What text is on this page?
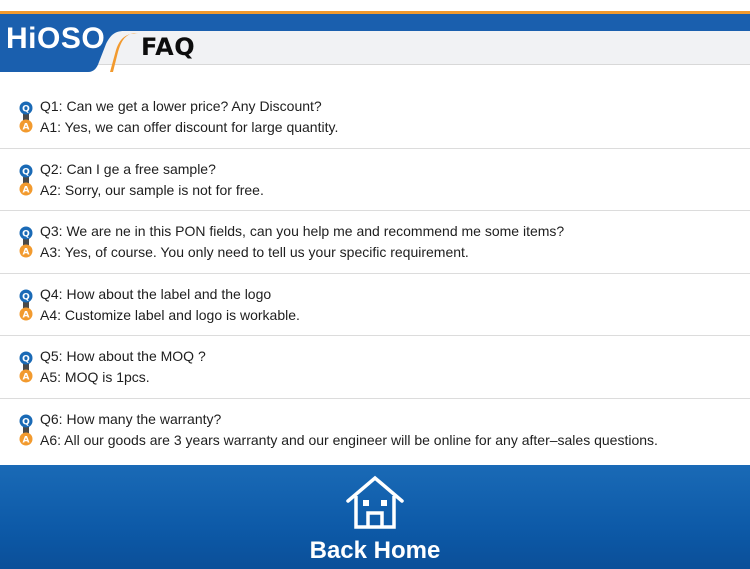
HiOSO FAQ
Q
A
Q1: Can we get a lower price? Any Discount?
A1: Yes, we can offer discount for large quantity.
Q
A
Q2: Can I ge a free sample?
A2: Sorry, our sample is not for free.
Q
A
Q3: We are ne in this PON fields, can you help me and recommend me some items?
A3: Yes, of course. You only need to tell us your specific requirement.
Q
A
Q4: How about the label and the logo
A4: Customize label and logo is workable.
Q
A
Q5: How about the MOQ ?
A5: MOQ is 1pcs.
Q
A
Q6: How many the warranty?
A6: All our goods are 3 years warranty and our engineer will be online for any after–sales questions.
Back Home
